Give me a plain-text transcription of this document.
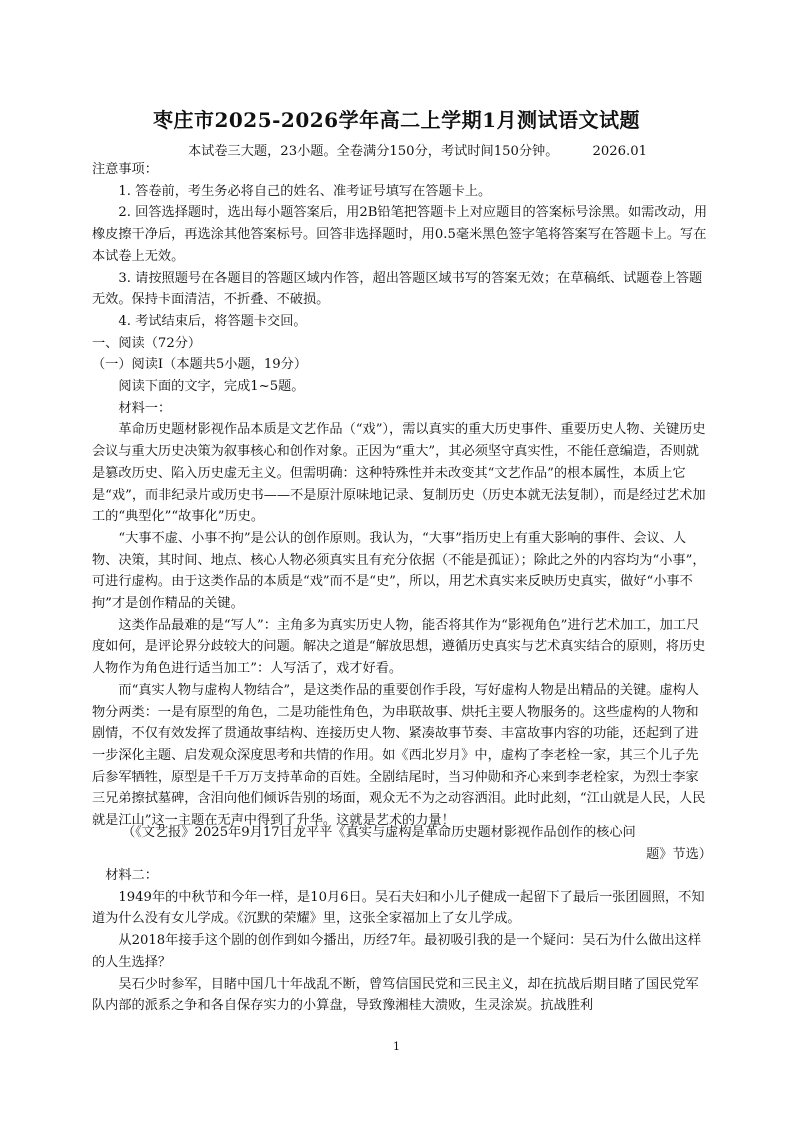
枣庄市2025-2026学年高二上学期1月测试语文试题
本试卷三大题，23小题。全卷满分150分，考试时间150分钟。	2026.01

注意事项：

1. 答卷前，考生务必将自己的姓名、准考证号填写在答题卡上。

2. 回答选择题时，选出每小题答案后，用2B铅笔把答题卡上对应题目的答案标号涂黑。如需改动，用橡皮擦干净后，再选涂其他答案标号。回答非选择题时，用0.5毫米黑色签字笔将答案写在答题卡上。写在本试卷上无效。

3. 请按照题号在各题目的答题区域内作答，超出答题区域书写的答案无效；在草稿纸、试题卷上答题无效。保持卡面清洁，不折叠、不破损。

4. 考试结束后，将答题卡交回。

一、阅读（72分）

（一）阅读Ⅰ（本题共5小题，19分）

阅读下面的文字，完成1~5题。

材料一：

革命历史题材影视作品本质是文艺作品（“戏”），需以真实的重大历史事件、重要历史人物、关键历史会议与重大历史决策为叙事核心和创作对象。正因为“重大”，其必须坚守真实性，不能任意编造，否则就是篡改历史、陷入历史虚无主义。但需明确：这种特殊性并未改变其“文艺作品”的根本属性，本质上它是“戏”，而非纪录片或历史书——不是原汁原味地记录、复制历史（历史本就无法复制），而是经过艺术加工的“典型化”“故事化”历史。

“大事不虚、小事不拘”是公认的创作原则。我认为，“大事”指历史上有重大影响的事件、会议、人物、决策，其时间、地点、核心人物必须真实且有充分依据（不能是孤证）；除此之外的内容均为“小事”，可进行虚构。由于这类作品的本质是“戏”而不是“史”，所以，用艺术真实来反映历史真实，做好“小事不拘”才是创作精品的关键。

这类作品最难的是“写人”：主角多为真实历史人物，能否将其作为“影视角色”进行艺术加工，加工尺度如何，是评论界分歧较大的问题。解决之道是“解放思想，遵循历史真实与艺术真实结合的原则，将历史人物作为角色进行适当加工”：人写活了，戏才好看。

而“真实人物与虚构人物结合”，是这类作品的重要创作手段，写好虚构人物是出精品的关键。虚构人物分两类：一是有原型的角色，二是功能性角色，为串联故事、烘托主要人物服务的。这些虚构的人物和剧情，不仅有效发挥了贯通故事结构、连接历史人物、紧凑故事节奏、丰富故事内容的功能，还起到了进一步深化主题、启发观众深度思考和共情的作用。如《西北岁月》中，虚构了李老栓一家，其三个儿子先后参军牺牲，原型是千千万万支持革命的百姓。全剧结尾时，当习仲勋和齐心来到李老栓家，为烈士李家三兄弟擦拭墓碑，含泪向他们倾诉告别的场面，观众无不为之动容洒泪。此时此刻，“江山就是人民，人民就是江山”这一主题在无声中得到了升华。这就是艺术的力量！

（《文艺报》2025年9月17日龙平平《真实与虚构是革命历史题材影视作品创作的核心问
题》节选）

材料二：

1949年的中秋节和今年一样，是10月6日。吴石夫妇和小儿子健成一起留下了最后一张团圆照，不知道为什么没有女儿学成。《沉默的荣耀》里，这张全家福加上了女儿学成。

从2018年接手这个剧的创作到如今播出，历经7年。最初吸引我的是一个疑问：吴石为什么做出这样的人生选择？

吴石少时参军，目睹中国几十年战乱不断，曾笃信国民党和三民主义，却在抗战后期目睹了国民党军队内部的派系之争和各自保存实力的小算盘，导致豫湘桂大溃败，生灵涂炭。抗战胜利

1
